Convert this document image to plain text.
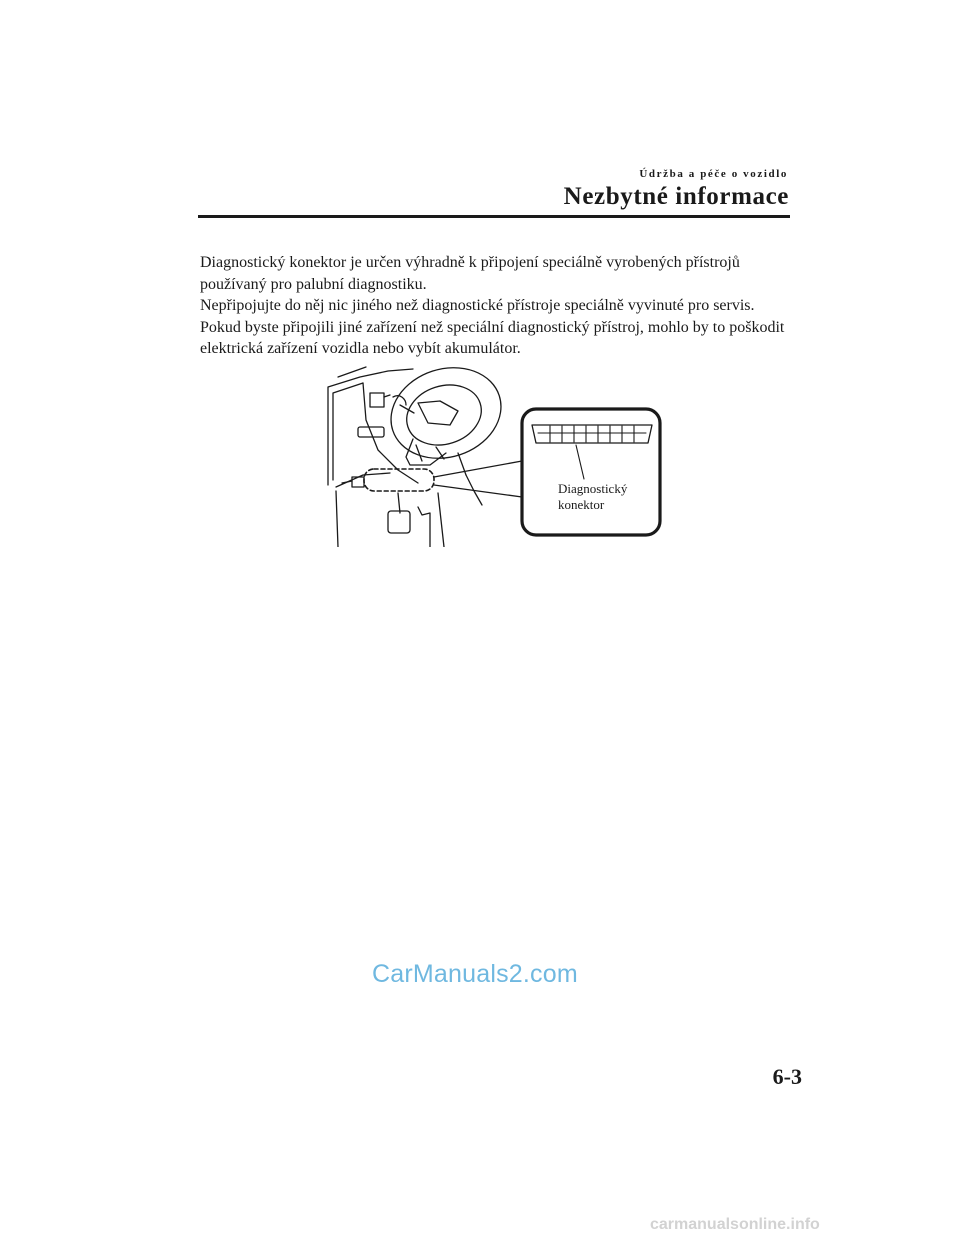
Údržba a péče o vozidlo
Nezbytné informace

Diagnostický konektor je určen výhradně k připojení speciálně vyrobených přístrojů

používaný pro palubní diagnostiku.

Nepřipojujte do něj nic jiného než diagnostické přístroje speciálně vyvinuté pro servis.

Pokud byste připojili jiné zařízení než speciální diagnostický přístroj, mohlo by to poškodit

elektrická zařízení vozidla nebo vybít akumulátor.

Diagnostický
konektor
CarManuals2.com
6-3
carmanualsonline.info
